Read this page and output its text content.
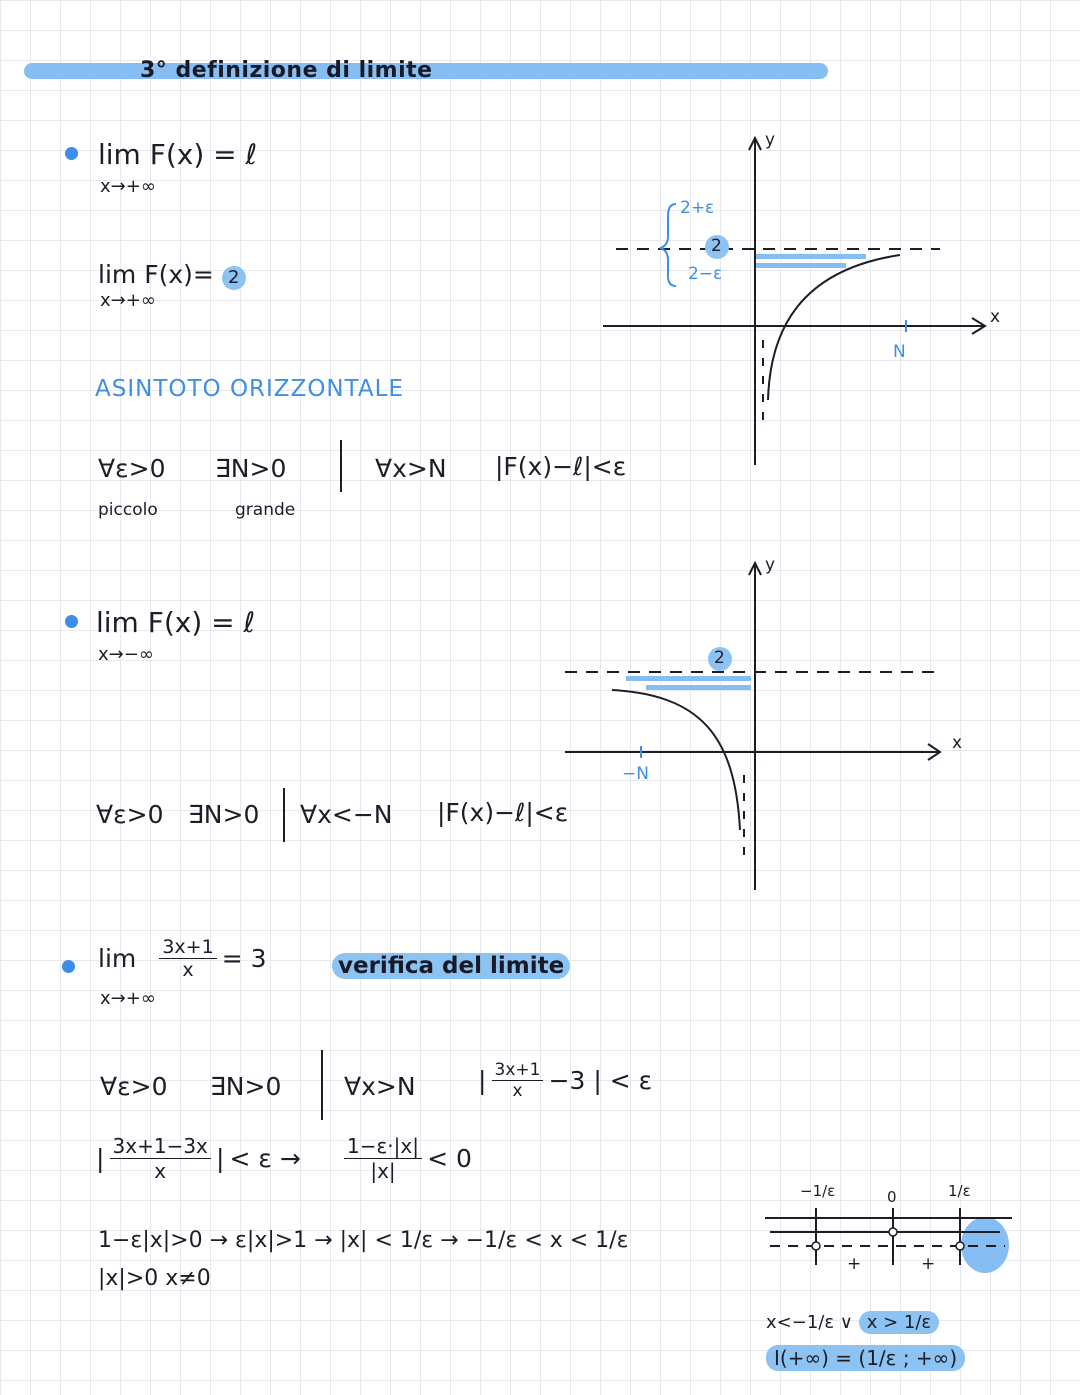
3° definizione di limite
lim F(x) = ℓ
x→+∞
lim F(x)= 2
x→+∞
ASINTOTO ORIZZONTALE
∀ε>0 ∃N>0	∀x>N |F(x)−ℓ|<ε
piccolo	grande
y
x
2+ε
2
2−ε
N
lim F(x) = ℓ
x→−∞
∀ε>0 ∃N>0 ∀x<−N |F(x)−ℓ|<ε
y
x
2
−N
$\lim \frac{3x+1}{x} = 3$
x→+∞
verifica del limite
∀ε>0 ∃N>0	∀x>N | $\frac{3x+1}{x} -3$ | < ε
| $\frac{3x+1-3x}{x}$ | < $\varepsilon \to \frac{1-\varepsilon\cdot|x|}{|x|} < 0$
1−ε|x|>0 → ε|x|>1 → |x| < 1/ε → −1/ε < x < 1/ε
|x|>0 x≠0
−1/ε	0	1/ε
+	+
x<−1/ε ∨ x > 1/ε
I(+∞) = (1/ε ; +∞)
